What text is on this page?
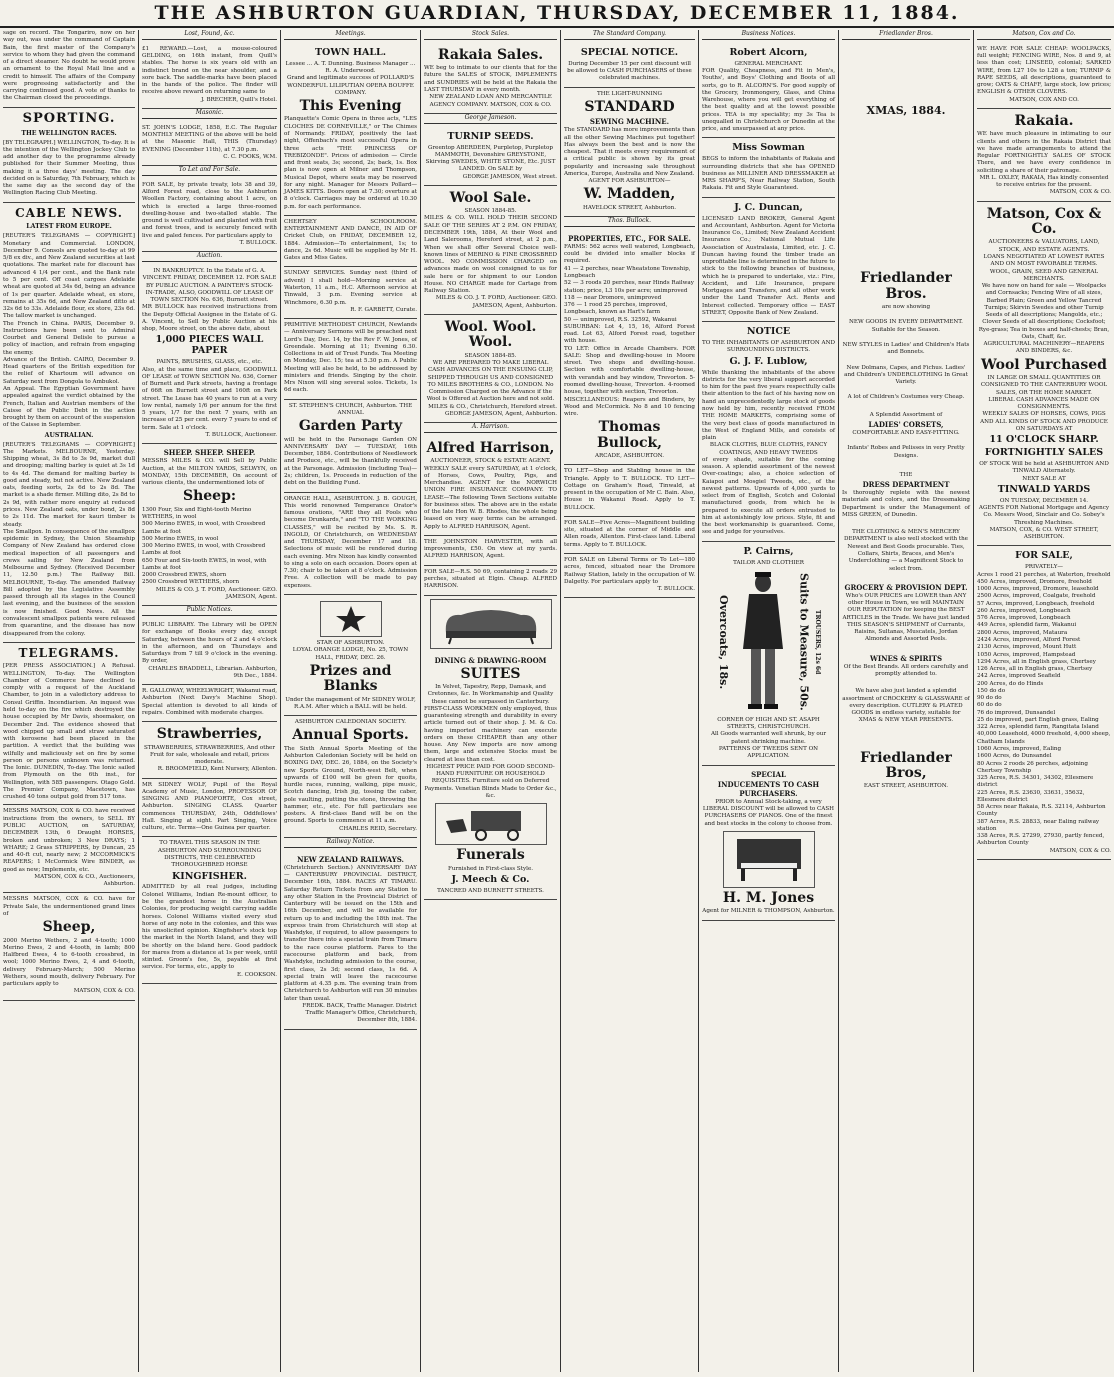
THE ASHBURTON GUARDIAN, THURSDAY, DECEMBER 11, 1884.
sage on record. The Tongariro, now on her way out, was under the command of Captain Bain, the first master of the Company's service to whom they had given the command of a direct steamer. No doubt he would prove an ornament to the Royal Mail line and a credit to himself. The affairs of the Company were progressing satisfactorily and the carrying continued good. A vote of thanks to the Chairman closed the proceedings.
SPORTING.
THE WELLINGTON RACES.
[BY TELEGRAPH.] WELLINGTON, To-day. It is the intention of the Wellington Jockey Club to add another day to the programme already published for their Summer Meeting, thus making it a three days' meeting. The day decided on is Saturday, 7th February, which is the same day as the second day of the Wellington Racing Club Meeting.
CABLE NEWS.
LATEST FROM EUROPE.
[REUTER'S TELEGRAMS — COPYRIGHT.] Monetary and Commercial. LONDON, December 9. Consols are quoted to-day at 99 5/8 ex div., and New Zealand securities at last quotations. The market rate for discount has advanced 4 1/4 per cent., and the Bank rate to 5 per cent. Off coast cargoes Adelaide wheat are quoted at 34s 6d, being an advance of 1s per quarter. Adelaide wheat, ex store, remains at 35s 6d, and New Zealand ditto at 32s 6d to 33s. Adelaide flour, ex store, 23s 6d. The tallow market is unchanged.
The French in China. PARIS, December 9. Instructions have been sent to Admiral Courbet and General Delisle to pursue a policy of inaction, and refrain from engaging the enemy.
Advance of the British. CAIRO, December 9. Head quarters of the British expedition for the relief of Khartoum will advance on Saturday next from Dongola to Ambukol.
An Appeal. The Egyptian Government have appealed against the verdict obtained by the French, Italian and Austrian members of the Caisse of the Public Debt in the action brought by them on account of the suspension of the Caisse in September.
AUSTRALIAN.
[REUTER'S TELEGRAMS — COPYRIGHT.] The Markets. MELBOURNE, Yesterday. Shipping wheat, 3s 8d to 3s 9d, market dull and drooping; malting barley is quiet at 3s 1d to 4s 4d. The demand for malting barley is good and steady, but not active. New Zealand oats, feeding sorts, 2s 6d to 2s 8d. The market is a shade firmer. Milling dito, 2s 8d to 2s 9d, with rather more enquiry at reduced prices. New Zealand oats, under bond, 2s 8d to 2s 11d. The market for kauri timber is steady.
The Smallpox. In consequence of the smallpox epidemic in Sydney, the Union Steamship Company of New Zealand has ordered close medical inspection of all passengers and crews sailing for New Zealand from Melbourne and Sydney. (Received December 11, 12.50 p.m.) The Railway Bill. MELBOURNE, To-day. The amended Railway Bill adopted by the Legislative Assembly passed through all its stages in the Council last evening, and the business of the session is now finished. Good News. All the convalescent smallpox patients were released from quarantine, and the disease has now disappeared from the colony.
TELEGRAMS.
[PER PRESS ASSOCIATION.] A Refusal. WELLINGTON, To-day. The Wellington Chamber of Commerce have declined to comply with a request of the Auckland Chamber, to join in a valedictory address to Consul Griffin. Incendiarism. An inquest was held to-day on the fire which destroyed the house occupied by Mr Davis, shoemaker, on December 2nd. The evidence showed that wood chipped up small and straw saturated with kerosene had been placed in the partition. A verdict that the building was wilfully and maliciously set on fire by some person or persons unknown was returned. The Ionic. DUNEDIN, To-day. The Ionic sailed from Plymouth on the 6th inst., for Wellington, with 585 passengers. Otago Gold. The Premier Company, Macetown, has crushed 40 tons output gold from 517 tons.
MESSRS MATSON, COX & CO. have received instructions from the owners, to SELL BY PUBLIC AUCTION, on SATURDAY, DECEMBER 13th, 6 Draught HORSES, broken and unbroken; 3 New DRAYS; 1 WHARE; 2 Grass STRIPPERS, by Duncan, 25 and 40-ft cut, nearly new; 2 MCCORMICK'S REAPERS; 1 McCormick Wire BINDER, as good as new; Implements, etc.
MATSON, COX & CO., Auctioneers, Ashburton.
MESSRS MATSON, COX & CO. have for Private Sale, the undermentioned grand lines of
Sheep,
2000 Merino Wethers, 2 and 4-tooth; 1000 Merino Ewes, 2 and 4-tooth, in lamb; 800 Halfbred Ewes, 4 to 6-tooth crossbred, in wool; 1000 Merino Ewes, 2, 4 and 6-tooth, delivery February-March; 500 Merino Wethers, sound mouth, delivery February. For particulars apply to
MATSON, COX & CO.
Lost, Found, &c.
£1 REWARD.—Lost, a mouse-coloured GELDING, on 16th instant, from Quill's stables. The horse is six years old with an indistinct brand on the near shoulder, and a sore back. The saddle-marks have been placed in the hands of the police. The finder will receive above reward on returning same to
J. BRECHER, Quill's Hotel.
Masonic.
ST. JOHN'S LODGE, 1858, E.C. The Regular MONTHLY MEETING of the above will be held at the Masonic Hall, THIS (Thursday) EVENING (December 11th), at 7.30 p.m.
C. C. FOOKS, W.M.
To Let and For Sale.
FOR SALE, by private treaty, lots 38 and 39, Alford Forest road, close to the Ashburton Woollen Factory, containing about 1 acre, on which is erected a large three-roomed dwelling-house and two-stalled stable. The ground is well cultivated and planted with fruit and forest trees, and is securely fenced with live and paled fences. For particulars apply to
T. BULLOCK.
Auction.
IN BANKRUPTCY. In the Estate of G. A. VINCENT. FRIDAY, DECEMBER 12. FOR SALE BY PUBLIC AUCTION. A PAINTER'S STOCK-IN-TRADE, ALSO, GOODWILL OF LEASE OF TOWN SECTION No. 636, Burnett street.
MR BULLOCK has received instructions from the Deputy Official Assignee in the Estate of G. A. Vincent, to Sell by Public Auction at his shop, Moore street, on the above date, about
1,000 PIECES WALL PAPER
PAINTS, BRUSHES, GLASS, etc., etc.
Also, at the same time and place, GOODWILL OF LEASE of TOWN SECTION No. 636, Corner of Burnett and Park streets, having a frontage of 66ft on Burnett street and 160ft on Park street. The Lease has 40 years to run at a very low rental, namely 1/6 per annum for the first 5 years, 1/7 for the next 7 years, with an increase of 25 per cent. every 7 years to end of term. Sale at 1 o'clock.
T. BULLOCK, Auctioneer.
SHEEP. SHEEP. SHEEP.
MESSRS MILES & CO. will Sell by Public Auction, at the MILTON YARDS, SELWYN, on MONDAY, 15th DECEMBER, On account of various clients, the undermentioned lots of
Sheep:
1300 Four, Six and Eight-tooth Merino WETHERS, in wool
500 Merino EWES, in wool, with Crossbred Lambs at foot
500 Merino EWES, in wool
300 Merino EWES, in wool, with Crossbred Lambs at foot
650 Four and Six-tooth EWES, in wool, with Lambs at foot
2000 Crossbred EWES, shorn
2500 Crossbred WETHERS, shorn
MILES & CO. J. T. FORD, Auctioneer. GEO. JAMESON, Agent.
Public Notices.
PUBLIC LIBRARY. The Library will be OPEN for exchange of Books every day, except Saturday, between the hours of 2 and 4 o'clock in the afternoon, and on Thursdays and Saturdays from 7 till 9 o'clock in the evening. By order,
CHARLES BRADDELL, Librarian. Ashburton, 9th Dec., 1884.
R. GALLOWAY, WHEELWRIGHT, Wakanui road, Ashburton (Next Davy's Machine Shop). Special attention is devoted to all kinds of repairs. Combined with moderate charges.
Strawberries,
STRAWBERRIES, STRAWBERRIES, And other Fruit for sale, wholesale and retail, prices moderate.
R. BROOMFIELD, Kent Nursery, Allenton.
MR SIDNEY WOLF, Pupil of the Royal Academy of Music, London, PROFESSOR OF SINGING AND PIANOFORTE, Cox street, Ashburton. SINGING CLASS. Quarter commences THURSDAY, 24th, Oddfellows' Hall. Singing at sight. Part Singing, Voice culture, etc. Terms—One Guinea per quarter.
TO TRAVEL THIS SEASON IN THE ASHBURTON AND SURROUNDING DISTRICTS, THE CELEBRATED THOROUGHBRED HORSE
KINGFISHER.
ADMITTED by all real judges, including Colonel Williams, Indian Re-mount officer, to be the grandest horse in the Australian Colonies, for producing weight carrying saddle horses. Colonel Williams visited every stud horse of any note in the colonies, and this was his unsolicited opinion. Kingfisher's stock top the market in the North Island, and they will be shortly on the Island here. Good paddock for mares from a distance at 1s per week, until stinted. Groom's fee, 5s, payable at first service. For terms, etc., apply to
E. COOKSON.
Meetings.
TOWN HALL.
Lessee ... A. T. Dunning. Business Manager ... R. A. Underwood.
Grand and legitimate success of POLLARD'S WONDERFUL LILIPUTIAN OPERA BOUFFE COMPANY.
This Evening
Planquette's Comic Opera in three acts, "LES CLOCHES DE CORNEVILLE," or The Chimes of Normandy. FRIDAY, positively the last night, Offenbach's most successful Opera in three acts "THE PRINCESS OF TREBIZONDE". Prices of admission — Circle and front seats, 3s; second, 2s; back, 1s. Box plan is now open at Milner and Thompson, Musical Depot, where seats may be reserved for any night. Manager for Messrs Pollard—JAMES KITTS. Doors open at 7.30; overture at 8 o'clock. Carriages may be ordered at 10.30 p.m. for each performance.
CHERTSEY SCHOOLROOM. ENTERTAINMENT AND DANCE, IN AID OF Cricket Club, on FRIDAY, DECEMBER 12, 1884. Admission—To entertainment, 1s; to dance, 2s 6d. Music will be supplied by Mr H. Gates and Miss Gates.
SUNDAY SERVICES. Sunday next (third of advent) I shall hold—Morning service at Waterton, 11 a.m., H.C. Afternoon service at Tinwald, 3 p.m. Evening service at Winchmore, 6.30 p.m.
R. F. GARBETT, Curate.
PRIMITIVE METHODIST CHURCH, Newlands — Anniversary Sermons will be preached next Lord's Day, Dec. 14, by the Rev F. W. Jones, of Greendale. Morning at 11; Evening 6.30. Collections in aid of Trust Funds. Tea Meeting on Monday, Dec. 15; tea at 5.30 p.m. A Public Meeting will also be held, to be addressed by ministers and friends. Singing by the choir. Mrs Nixon will sing several solos. Tickets, 1s 6d each.
ST. STEPHEN'S CHURCH, Ashburton. THE ANNUAL
Garden Party
will be held in the Parsonage Garden ON ANNIVERSARY DAY — TUESDAY, 16th December, 1884. Contributions of Needlework and Produce, etc., will be thankfully received at the Parsonage. Admission (including Tea)—2s; children, 1s. Proceeds in reduction of the debt on the Building Fund.
ORANGE HALL, ASHBURTON. J. B. GOUGH, This world renowned Temperance Orator's famous orations, "ARE they all Fools who become Drunkards," and "TO THE WORKING CLASSES," will be recited by Ms. S. R. INGOLD, Of Christchurch, on WEDNESDAY and THURSDAY, December 17 and 18. Selections of music will be rendered during each evening. Mrs Nixon has kindly consented to sing a solo on each occasion. Doors open at 7.30; chair to be taken at 8 o'clock. Admission Free. A collection will be made to pay expenses.
STAR OF ASHBURTON.
LOYAL ORANGE LODGE, No. 25, TOWN HALL, FRIDAY, DEC. 26.
Prizes and Blanks
Under the management of Mr SIDNEY WOLF, R.A.M. After which a BALL will be held.
ASHBURTON CALEDONIAN SOCIETY.
Annual Sports.
The Sixth Annual Sports Meeting of the Ashburton Caledonian Society will be held on BOXING DAY, DEC. 26, 1884, on the Society's new Sports Ground, North-west Belt, when upwards of £100 will be given for quoits, hurdle races, running, walking, pipe music, Scotch dancing, Irish jig, tossing the caber, pole vaulting, putting the stone, throwing the hammer, etc., etc. For full particulars see posters. A first-class Band will be on the ground. Sports to commence at 11 a.m.
CHARLES REID, Secretary.
Railway Notice.
NEW ZEALAND RAILWAYS.
(Christchurch Section.) ANNIVERSARY DAY — CANTERBURY PROVINCIAL DISTRICT, December 16th, 1884. RACES AT TIMARU. Saturday Return Tickets from any Station to any other Station in the Provincial District of Canterbury will be issued on the 15th and 16th December, and will be available for return up to and including the 18th inst. The express train from Christchurch will stop at Washdyke, if required, to allow passengers to transfer there into a special train from Timaru to the race course platform. Fares to the racecourse platform and back, from Washdyke, including admission to the course, first class, 2s 3d; second class, 1s 6d. A special train will leave the racecourse platform at 4.35 p.m. The evening train from Christchurch to Ashburton will run 30 minutes later than usual.
FREDK. BACK, Traffic Manager. District Traffic Manager's Office, Christchurch, December 8th, 1884.
Stock Sales.
Rakaia Sales.
WE beg to intimate to our clients that for the future the SALES of STOCK, IMPLEMENTS and SUNDRIES will be held at the Rakaia the LAST THURSDAY in every month.
NEW ZEALAND LOAN AND MERCANTILE AGENCY COMPANY. MATSON, COX & CO.
George Jameson.
TURNIP SEEDS.
Greentop ABERDEEN, Purpletop, Purpletop MAMMOTH, Devonshire GREYSTONE, Skirving SWEDES, WHITE STONE, Etc. JUST LANDED. On SALE by
GEORGE JAMESON, West street.
Wool Sale.
SEASON 1884-85.
MILES & CO. WILL HOLD THEIR SECOND SALE OF THE SERIES AT 2 P.M. ON FRIDAY, DECEMBER 19th, 1884, At their Wool and Land Salerooms, Hereford street, at 2 p.m., When we shall offer Several Choice well-known lines of MERINO & FINE CROSSBRED WOOL. NO COMMISSION CHARGED on advances made on wool consigned to us for sale here or for shipment to our London House. NO CHARGE made for Cartage from Railway Station.
MILES & CO. J. T. FORD, Auctioneer. GEO. JAMESON, Agent, Ashburton.
Wool. Wool. Wool.
SEASON 1884-85.
WE ARE PREPARED TO MAKE LIBERAL CASH ADVANCES ON THE ENSUING CLIP, SHIPPED THROUGH US AND CONSIGNED TO MILES BROTHERS & CO., LONDON. No Commission Charged on the Advance if the Wool is Offered at Auction here and not sold.
MILES & CO., Christchurch, Hereford street. GEORGE JAMESON, Agent, Ashburton.
A. Harrison.
Alfred Harrison,
AUCTIONEER, STOCK & ESTATE AGENT.
WEEKLY SALE every SATURDAY, at 1 o'clock, of Horses, Cows, Poultry, Pigs, and Merchandise. AGENT for the NORWICH UNION FIRE INSURANCE COMPANY. TO LEASE—The following Town Sections suitable for business sites. The above are in the estate of the late Hon W. B. Rhodes, the whole being leased on very easy terms can be arranged. Apply to ALFRED HARRISON, Agent.
THE JOHNSTON HARVESTER, with all improvements, £50. On view at my yards. ALFRED HARRISON, Agent.
FOR SALE—R.S. 50 69, containing 2 roads 29 perches, situated at Elgin. Cheap. ALFRED HARRISON.
DINING & DRAWING-ROOM
SUITES
In Velvet, Tapestry, Repp, Damask, and Cretonnes, &c. In Workmanship and Quality these cannot be surpassed in Canterbury.
FIRST-CLASS WORKMEN only employed, thus guaranteeing strength and durability in every article turned out of their shop. J. M. & Co. having imported machinery can execute orders on these CHEAPER than any other house. Any New imports are now among them, large and extensive Stocks must be cleared at less than cost.
HIGHEST PRICE PAID FOR GOOD SECOND-HAND FURNITURE OR HOUSEHOLD REQUISITES. Furniture sold on Deferred Payments. Venetian Blinds Made to Order &c., &c.
Funerals
Furnished in First-class Style.
J. Meech & Co.
TANCRED AND BURNETT STREETS.
The Standard Company.
SPECIAL NOTICE.
During December 15 per cent discount will be allowed to CASH PURCHASERS of these celebrated machines.
THE LIGHT-RUNNING
STANDARD
SEWING MACHINE.
The STANDARD has more improvements than all the other Sewing Machines put together! Has always been the best and is now the cheapest. That it meets every requirement of a critical public is shown by its great popularity and increasing sale throughout America, Europe, Australia and New Zealand.
AGENT FOR ASHBURTON—
W. Madden,
HAVELOCK STREET, Ashburton.
Thos. Bullock.
PROPERTIES, ETC., FOR SALE.
FARMS: 562 acres well watered, Longbeach, could be divided into smaller blocks if required.
41 — 2 perches, near Wheatstone Township, Longbeach
52 — 3 roods 20 perches, near Hinds Railway station; price, L3 10s per acre; unimproved
118 — near Dromore, unimproved
376 — 1 rood 25 perches, improved, Longbeach, known as Hart's farm
50 — unimproved, R.S. 32592, Wakanui
SUBURBAN: Lot 4, 15, 16, Alford Forest road. Lot 63, Alford Forest road, together with house.
TO LET: Office in Arcade Chambers. FOR SALE: Shop and dwelling-house in Moore street. Two shops and dwelling-house. Section with comfortable dwelling-house, with verandah and bay window, Trevorton. 5-roomed dwelling-house, Trevorton. 4-roomed house, together with section, Trevorton.
MISCELLANEOUS: Reapers and Binders, by Wood and McCormick. No 8 and 10 fencing wire.
Thomas Bullock,
ARCADE, ASHBURTON.
TO LET—Shop and Stabling house in the Triangle. Apply to T. BULLOCK. TO LET—Cottage on Graham's Road, Tinwald, at present in the occupation of Mr C. Bain. Also, House in Wakanui Road. Apply to T. BULLOCK.
FOR SALE—Five Acres—Magnificent building site, situated at the corner of Middle and Allen roads, Allenton. First-class land. Liberal terms. Apply to T. BULLOCK.
FOR SALE on Liberal Terms or To Let—180 acres, fenced, situated near the Dromore Railway Station, lately in the occupation of W. Dalgetty. For particulars apply to
T. BULLOCK.
Business Notices.
Robert Alcorn,
GENERAL MERCHANT.
FOR Quality, Cheapness, and Fit in Men's, Youths', and Boys' Clothing and Boots of all sorts, go to R. ALCORN'S. For good supply of the Grocery, Ironmongery, Glass, and China Warehouse, where you will get everything of the best quality and at the lowest possible prices. TEA is my speciality; my 3s Tea is unequalled in Christchurch or Dunedin at the price, and unsurpassed at any price.
Miss Sowman
BEGS to inform the inhabitants of Rakaia and surrounding districts that she has OPENED business as MILLINER AND DRESSMAKER at MRS SHARP'S, Near Railway Station, South Rakaia. Fit and Style Guaranteed.
J. C. Duncan,
LICENSED LAND BROKER, General Agent and Accountant, Ashburton. Agent for Victoria Insurance Co., Limited; New Zealand Accident Insurance Co.; National Mutual Life Association of Australasia, Limited, etc. J. C. Duncan having found the timber trade an unprofitable line is determined in the future to stick to the following branches of business, which he is prepared to undertake, viz.: Fire, Accident, and Life Insurance, prepare Mortgages and Transfers, and all other work under the Land Transfer Act. Rents and Interest collected. Temporary office — EAST STREET, Opposite Bank of New Zealand.
NOTICE
TO THE INHABITANTS OF ASHBURTON AND SURROUNDING DISTRICTS.
G. J. F. Lublow,
While thanking the inhabitants of the above districts for the very liberal support accorded to him for the past five years respectfully calls their attention to the fact of his having now on hand an unprecedentedly large stock of goods now held by him, recently received FROM THE HOME MARKETS, comprising some of the very best class of goods manufactured in the West of England Mills, and consists of plain
BLACK CLOTHS, BLUE CLOTHS, FANCY COATINGS, AND HEAVY TWEEDS
of every shade, suitable for the coming season. A splendid assortment of the newest Over-coatings; also, a choice selection of Kaiapoi and Mosgiel Tweeds, etc., of the newest patterns. Upwards of 4,000 yards to select from of English, Scotch and Colonial manufactured goods, from which he is prepared to execute all orders entrusted to him at astonishingly low prices. Style, fit and the best workmanship is guaranteed. Come, see and judge for yourselves.
P. Cairns,
TAILOR AND CLOTHIER
Overcoats, 18s.	Suits to Measure, 50s. TROUSERS, 12s 6d
CORNER OF HIGH AND ST. ASAPH STREETS, CHRISTCHURCH.
All Goods warranted well shrunk, by our patent shrinking machine.
PATTERNS OF TWEEDS SENT ON APPLICATION.
SPECIAL
INDUCEMENTS TO CASH PURCHASERS.
PRIOR to Annual Stock-taking, a very LIBERAL DISCOUNT will be allowed to CASH PURCHASERS OF PIANOS. One of the finest and best stocks in the colony to choose from.
H. M. Jones
Agent for MILNER & THOMPSON, Ashburton.
Friedlander Bros.
XMAS, 1884.
Friedlander Bros.
are now showing
NEW GOODS IN EVERY DEPARTMENT. Suitable for the Season.
NEW STYLES in Ladies' and Children's Hats and Bonnets.
New Dolmans, Capes, and Fichus. Ladies' and Children's UNDERCLOTHING In Great Variety.
A lot of Children's Costumes very Cheap.
A Splendid Assortment of
LADIES' CORSETS,
COMFORTABLE AND EASY-FITTING.
Infants' Robes and Pelisses in very Pretty Designs.
THE
DRESS DEPARTMENT
Is thoroughly replete with the newest materials and colors, and the Dressmaking Department is under the Management of MISS GREEN, of Dunedin.
THE CLOTHING & MEN'S MERCERY DEPARTMENT is also well stocked with the Newest and Best Goods procurable. Ties, Collars, Shirts, Braces, and Men's Underclothing — a Magnificent Stock to select from.
GROCERY & PROVISION DEPT.
Who's OUR PRICES are LOWER than ANY other House in Town, we will MAINTAIN OUR REPUTATION for keeping the BEST ARTICLES in the Trade. We have just landed THIS SEASON'S SHIPMENT of Currants, Raisins, Sultanas, Muscatels, Jordan Almonds and Assorted Peels.
WINES & SPIRITS
Of the Best Brands. All orders carefully and promptly attended to.
We have also just landed a splendid assortment of CROCKERY & GLASSWARE of every description. CUTLERY & PLATED GOODS in endless variety, suitable for XMAS & NEW YEAR PRESENTS.
Friedlander Bros,
EAST STREET, ASHBURTON.
Matson, Cox and Co.
WE HAVE FOR SALE CHEAP: WOOLPACKS, full weight; FENCING WIRE, Nos. 8 and 9, at less than cost; LINSEED, colonial; SARKED WIRE, from L27 10s to L28 a ton; TURNIP & RAPE SEEDS, all descriptions, guaranteed to grow; OATS & CHAFF, large stock, low prices; ENGLISH & OTHER CLOVERS.
MATSON, COX AND CO.
Rakaia.
WE have much pleasure in intimating to our clients and others in the Rakaia District that we have made arrangements to attend the Regular FORTNIGHTLY SALES OF STOCK There, and we have every confidence in soliciting a share of their patronage.
MR L. OXLEY, RAKAIA, Has kindly consented to receive entries for the present.
MATSON, COX & CO.
Matson, Cox & Co.
AUCTIONEERS & VALUATORS, LAND, STOCK, AND ESTATE AGENTS.
LOANS NEGOTIATED AT LOWEST RATES AND ON MOST FAVORABLE TERMS.
WOOL, GRAIN, SEED AND GENERAL MERCHANTS.
We have now on hand for sale — Woolpacks and Cornsacks; Fencing Wire of all sizes, Barbed Plain; Green and Yellow Tancred Turnips; Skirvin Swedes and other Turnip Seeds of all descriptions; Mangolds, etc.; Clover Seeds of all descriptions; Cocksfoot; Rye-grass; Tea in boxes and half-chests; Bran, Oats, Chaff, &c.
AGRICULTURAL MACHINERY—REAPERS AND BINDERS, &c.
Wool Purchased
IN LARGE OR SMALL QUANTITIES OR CONSIGNED TO THE CANTERBURY WOOL SALES, OR THE HOME MARKET.
LIBERAL CASH ADVANCES MADE ON CONSIGNMENTS.
WEEKLY SALES OF HORSES, COWS, PIGS AND ALL KINDS OF STOCK AND PRODUCE ON SATURDAYS AT
11 O'CLOCK SHARP.
FORTNIGHTLY SALES
OF STOCK Will be held at ASHBURTON AND TINWALD Alternately.
NEXT SALE AT
TINWALD YARDS
ON TUESDAY, DECEMBER 14.
AGENTS FOR National Mortgage and Agency Co. Messrs Wood, Sinclair and Co. Sobey's Threshing Machines.
MATSON, COX, & CO. WEST STREET, ASHBURTON.
FOR SALE,
PRIVATELY—
Acres 1 rood 21 perches, at Waterton, freehold
450 Acres, improved, Dromore, freehold
1000 Acres, improved, Dromore, leasehold
2500 Acres, improved, Coalgate, freehold
57 Acres, improved, Longbeach, freehold
260 Acres, improved, Longbeach
576 Acres, improved, Longbeach
449 Acres, splendid farm, Wakanui
2800 Acres, improved, Mataura
2424 Acres, improved, Alford Forest
2130 Acres, improved, Mount Hutt
1050 Acres, improved, Hampstead
1294 Acres, all in English grass, Chertsey
126 Acres, all in English grass, Chertsey
242 Acres, improved Seafield
200 Acres, do do Hinds
150 do do
90 do do
60 do do
76 do improved, Dunsandel
25 do improved, part English grass, Ealing
322 Acres, splendid farm, Rangitata Island
40,000 Leasehold, 4000 freehold, 4,000 sheep, Chatham Islands
1060 Acres, improved, Ealing
1600 Acres, do Dunsandel
80 Acres 2 roods 26 perches, adjoining Chertsey Township
325 Acres, R.S. 34301, 34302, Ellesmere district
225 Acres, R.S. 23630, 33631, 35632, Ellesmere district
58 Acres near Rakaia, R.S. 32114, Ashburton County
387 Acres, R.S. 28833, near Ealing railway station
338 Acres, R.S. 27299, 27930, partly fenced, Ashburton County
MATSON, COX & CO.
